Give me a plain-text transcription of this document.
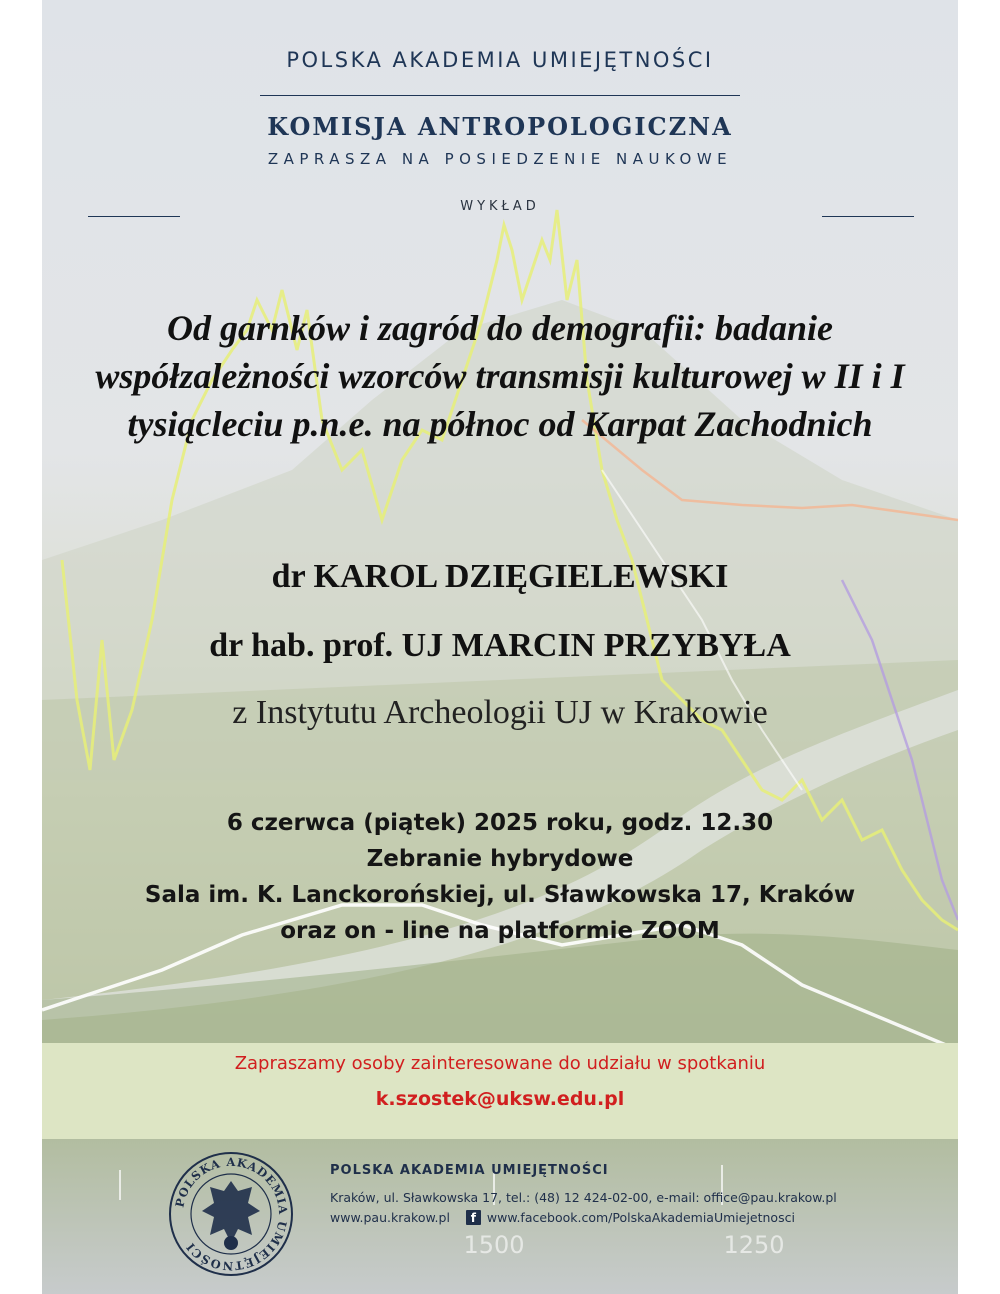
1500	1250
POLSKA AKADEMIA UMIEJĘTNOŚCI
KOMISJA ANTROPOLOGICZNA
ZAPRASZA NA POSIEDZENIE NAUKOWE
WYKŁAD
Od garnków i zagród do demografii: badanie współzależności wzorców transmisji kulturowej w II i I tysiącleciu p.n.e. na północ od Karpat Zachodnich
dr KAROL DZIĘGIELEWSKI
dr hab. prof. UJ MARCIN PRZYBYŁA
z Instytutu Archeologii UJ w Krakowie
6 czerwca (piątek) 2025 roku, godz. 12.30
Zebranie hybrydowe
Sala im. K. Lanckorońskiej, ul. Sławkowska 17, Kraków
oraz on - line na platformie ZOOM
Zapraszamy osoby zainteresowane do udziału w spotkaniu
k.szostek@uksw.edu.pl
POLSKA AKADEMIA UMIEJĘTNOŚCI
POLSKA AKADEMIA UMIEJĘTNOŚCI
Kraków, ul. Sławkowska 17, tel.: (48) 12 424-02-00, e-mail: office@pau.krakow.pl
www.pau.krakow.pl	f www.facebook.com/PolskaAkademiaUmiejetnosci
